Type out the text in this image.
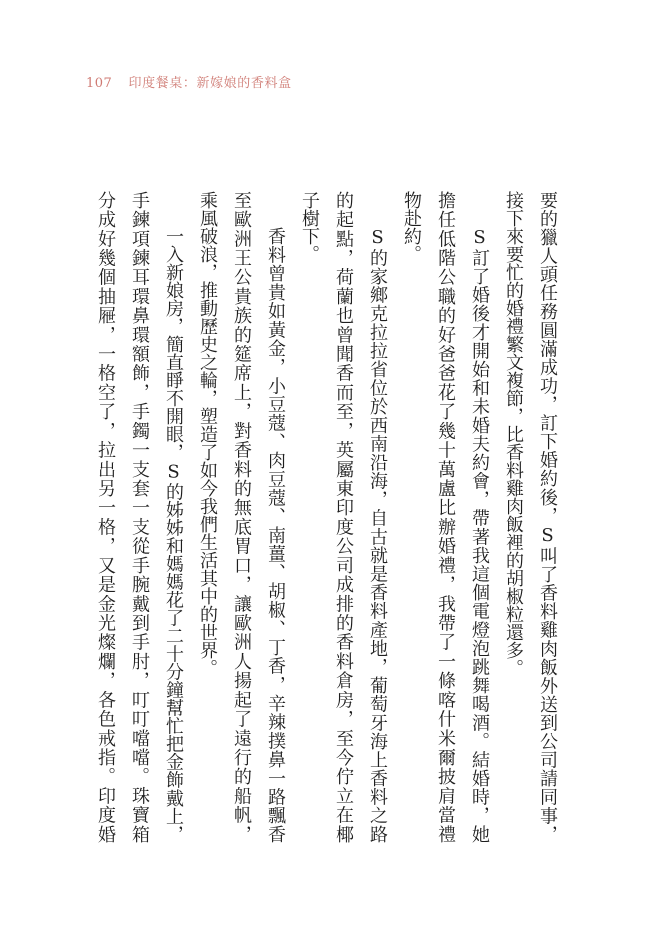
107 印度餐桌：新嫁娘的香料盒
要的獵人頭任務圓滿成功，訂下婚約後，S叫了香料雞肉飯外送到公司請同事，
接下來要忙的婚禮繁文複節，比香料雞肉飯裡的胡椒粒還多。
S訂了婚後才開始和未婚夫約會，帶著我這個電燈泡跳舞喝酒。結婚時，她
擔任低階公職的好爸爸花了幾十萬盧比辦婚禮，我帶了一條喀什米爾披肩當禮
物赴約。
S的家鄉克拉拉省位於西南沿海，自古就是香料產地，葡萄牙海上香料之路
的起點，荷蘭也曾聞香而至，英屬東印度公司成排的香料倉房，至今佇立在椰
子樹下。
香料曾貴如黃金，小豆蔻、肉豆蔻、南薑、胡椒、丁香，辛辣撲鼻一路飄香
至歐洲王公貴族的筵席上，對香料的無底胃口，讓歐洲人揚起了遠行的船帆，
乘風破浪，推動歷史之輪，塑造了如今我們生活其中的世界。
一入新娘房，簡直睜不開眼，S的姊姊和媽媽花了二十分鐘幫忙把金飾戴上，
手鍊項鍊耳環鼻環額飾，手鐲一支套一支從手腕戴到手肘，叮叮噹噹。珠寶箱
分成好幾個抽屜，一格空了，拉出另一格，又是金光燦爛，各色戒指。印度婚
